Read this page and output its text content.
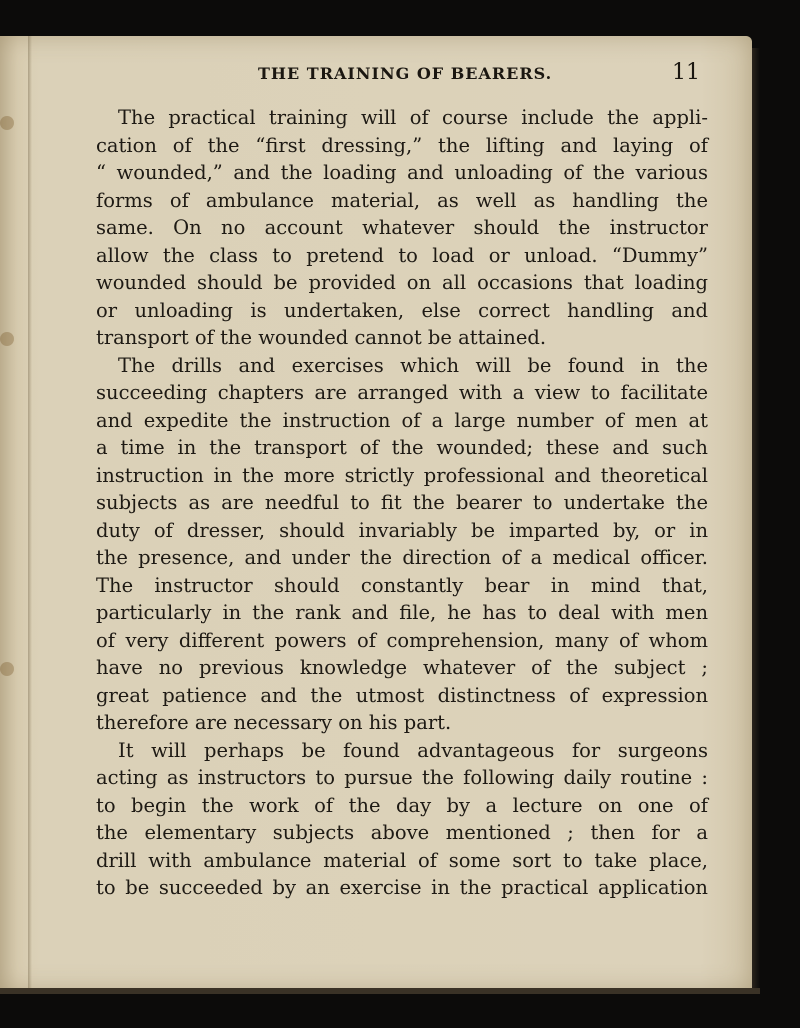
THE TRAINING OF BEARERS.	11
The practical training will of course include the appli-
cation of the “first dressing,” the lifting and laying of
“ wounded,” and the loading and unloading of the various
forms of ambulance material, as well as handling the
same. On no account whatever should the instructor
allow the class to pretend to load or unload. “Dummy”
wounded should be provided on all occasions that loading
or unloading is undertaken, else correct handling and
transport of the wounded cannot be attained.
The drills and exercises which will be found in the
succeeding chapters are arranged with a view to facilitate
and expedite the instruction of a large number of men at
a time in the transport of the wounded; these and such
instruction in the more strictly professional and theoretical
subjects as are needful to fit the bearer to undertake the
duty of dresser, should invariably be imparted by, or in
the presence, and under the direction of a medical officer.
The instructor should constantly bear in mind that,
particularly in the rank and file, he has to deal with men
of very different powers of comprehension, many of whom
have no previous knowledge whatever of the subject ;
great patience and the utmost distinctness of expression
therefore are necessary on his part.
It will perhaps be found advantageous for surgeons
acting as instructors to pursue the following daily routine :
to begin the work of the day by a lecture on one of
the elementary subjects above mentioned ; then for a
drill with ambulance material of some sort to take place,
to be succeeded by an exercise in the practical application
